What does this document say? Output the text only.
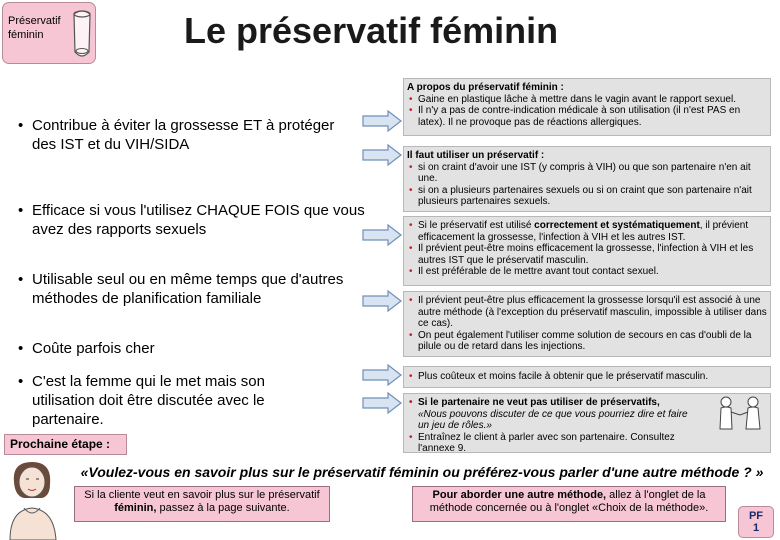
Préservatif
féminin	Le préservatif féminin
• Contribue à éviter la grossesse ET à protéger des IST et du VIH/SIDA
• Efficace si vous l'utilisez CHAQUE FOIS que vous avez des rapports sexuels
• Utilisable seul ou en même temps que d'autres méthodes de planification familiale
• Coûte parfois cher
• C'est la femme qui le met mais son utilisation doit être discutée avec le partenaire.
Prochaine étape :
A propos du préservatif féminin :
• Gaine en plastique lâche à mettre dans le vagin avant le rapport sexuel.
• Il n'y a pas de contre-indication médicale à son utilisation (il n'est PAS en latex). Il ne provoque pas de réactions allergiques.
Il faut utiliser un préservatif :
• si on craint d'avoir une IST (y compris à VIH) ou que son partenaire n'en ait une.
• si on a plusieurs partenaires sexuels ou si on craint que son partenaire n'ait plusieurs partenaires sexuels.
• Si le préservatif est utilisé correctement et systématiquement, il prévient efficacement la grossesse, l'infection à VIH et les autres IST.
• Il prévient peut-être moins efficacement la grossesse, l'infection à VIH et les autres IST que le préservatif masculin.
• Il est préférable de le mettre avant tout contact sexuel.
• Il prévient peut-être plus efficacement la grossesse lorsqu'il est associé à une autre méthode (à l'exception du préservatif masculin, impossible à utiliser dans ce cas).
• On peut également l'utiliser comme solution de secours en cas d'oubli de la pilule ou de retard dans les injections.
• Plus coûteux et moins facile à obtenir que le préservatif masculin.
• Si le partenaire ne veut pas utiliser de préservatifs,
«Nous pouvons discuter de ce que vous pourriez dire et faire un jeu de rôles.»
• Entraînez le client à parler avec son partenaire. Consultez l'annexe 9.
«Voulez-vous en savoir plus sur le préservatif féminin ou préférez-vous parler d'une autre méthode ? »
Si la cliente veut en savoir plus sur le préservatif
féminin, passez à la page suivante.
Pour aborder une autre méthode, allez à l'onglet de la méthode concernée ou à l'onglet «Choix de la méthode».
PF
1
